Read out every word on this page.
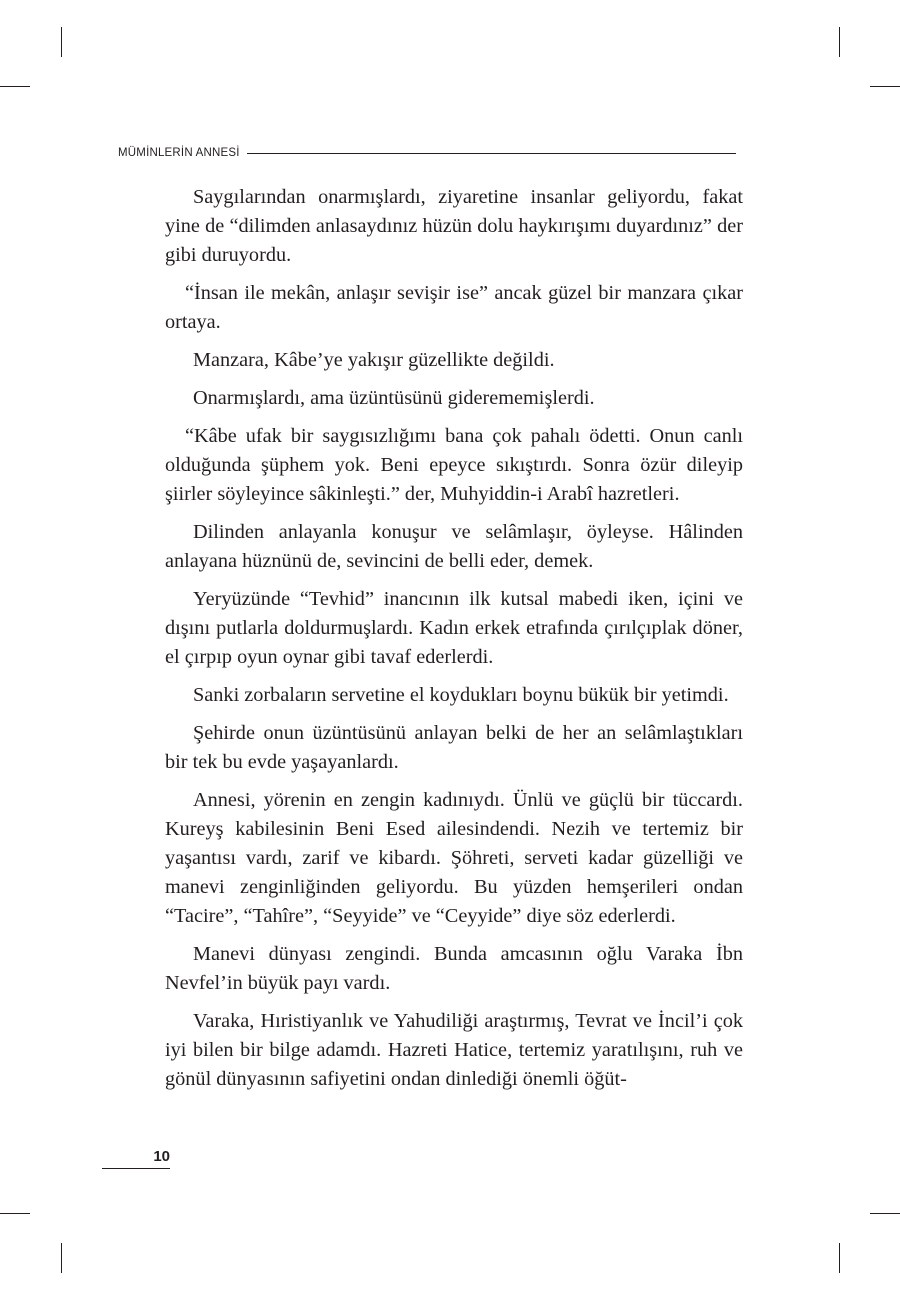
MÜMİNLERİN ANNESİ

Saygılarından onarmışlardı, ziyaretine insanlar geliyordu, fakat yine de “dilimden anlasaydınız hüzün dolu haykırışımı duyardınız” der gibi duruyordu.

“İnsan ile mekân, anlaşır sevişir ise” ancak güzel bir manzara çıkar ortaya.

Manzara, Kâbe’ye yakışır güzellikte değildi.

Onarmışlardı, ama üzüntüsünü giderememişlerdi.

“Kâbe ufak bir saygısızlığımı bana çok pahalı ödetti. Onun canlı olduğunda şüphem yok. Beni epeyce sıkıştırdı. Sonra özür dileyip şiirler söyleyince sâkinleşti.” der, Muhyiddin-i Arabî hazretleri.

Dilinden anlayanla konuşur ve selâmlaşır, öyleyse. Hâlinden anlayana hüznünü de, sevincini de belli eder, demek.

Yeryüzünde “Tevhid” inancının ilk kutsal mabedi iken, içini ve dışını putlarla doldurmuşlardı. Kadın erkek etrafında çırılçıplak döner, el çırpıp oyun oynar gibi tavaf ederlerdi.

Sanki zorbaların servetine el koydukları boynu bükük bir yetimdi.

Şehirde onun üzüntüsünü anlayan belki de her an selâmlaştıkları bir tek bu evde yaşayanlardı.

Annesi, yörenin en zengin kadınıydı. Ünlü ve güçlü bir tüccardı. Kureyş kabilesinin Beni Esed ailesindendi. Nezih ve tertemiz bir yaşantısı vardı, zarif ve kibardı. Şöhreti, serveti kadar güzelliği ve manevi zenginliğinden geliyordu. Bu yüzden hemşerileri ondan “Tacire”, “Tahîre”, “Seyyide” ve “Ceyyide” diye söz ederlerdi.

Manevi dünyası zengindi. Bunda amcasının oğlu Varaka İbn Nevfel’in büyük payı vardı.

Varaka, Hıristiyanlık ve Yahudiliği araştırmış, Tevrat ve İncil’i çok iyi bilen bir bilge adamdı. Hazreti Hatice, tertemiz yaratılışını, ruh ve gönül dünyasının safiyetini ondan dinlediği önemli öğüt-

10
